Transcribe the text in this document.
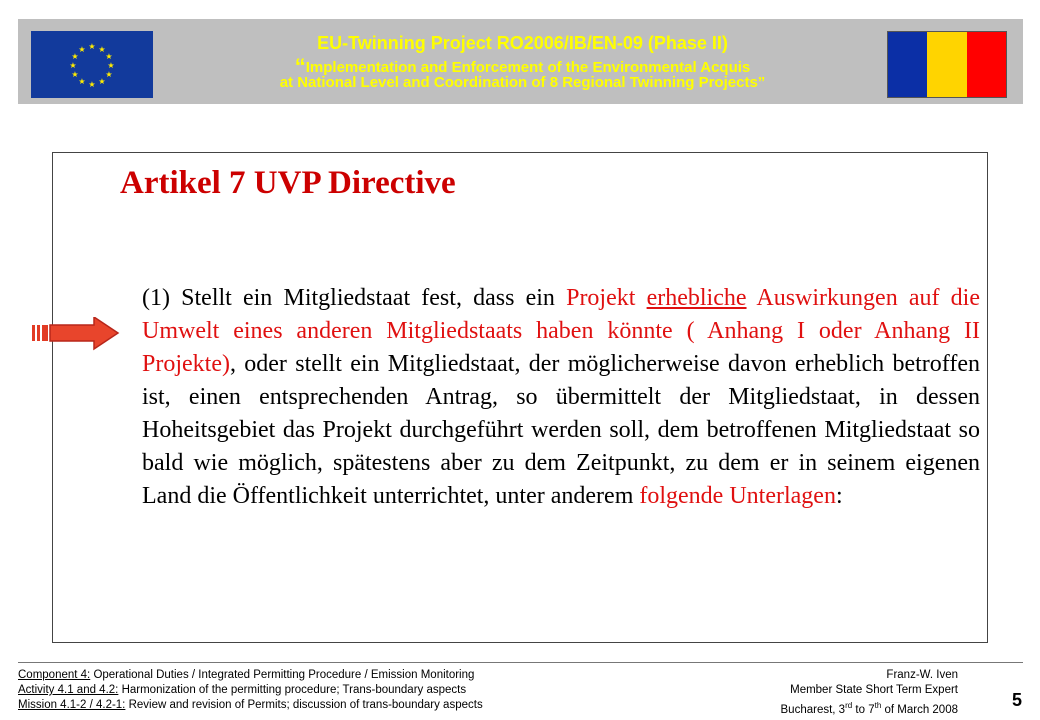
★ ★
★
★
★
★
★
★
★
★
★
★	EU-Twinning Project RO2006/IB/EN-09 (Phase II)
“Implementation and Enforcement of the Environmental Acquis
at National Level and Coordination of 8 Regional Twinning Projects”
Artikel 7 UVP Directive
(1) Stellt ein Mitgliedstaat fest, dass ein Projekt erhebliche Auswirkungen auf die Umwelt eines anderen Mitgliedstaats haben könnte ( Anhang I oder Anhang II Projekte), oder stellt ein Mitgliedstaat, der möglicherweise davon erheblich betroffen ist, einen entsprechenden Antrag, so übermittelt der Mitgliedstaat, in dessen Hoheitsgebiet das Projekt durchgeführt werden soll, dem betroffenen Mitgliedstaat so bald wie möglich, spätestens aber zu dem Zeitpunkt, zu dem er in seinem eigenen Land die Öffentlichkeit unterrichtet, unter anderem folgende Unterlagen:
Component 4: Operational Duties / Integrated Permitting Procedure / Emission Monitoring
Activity 4.1 and 4.2: Harmonization of the permitting procedure; Trans-boundary aspects
Mission 4.1-2 / 4.2-1: Review and revision of Permits; discussion of trans-boundary aspects
Franz-W. Iven
Member State Short Term Expert
Bucharest, 3rd to 7th of March 2008	5
